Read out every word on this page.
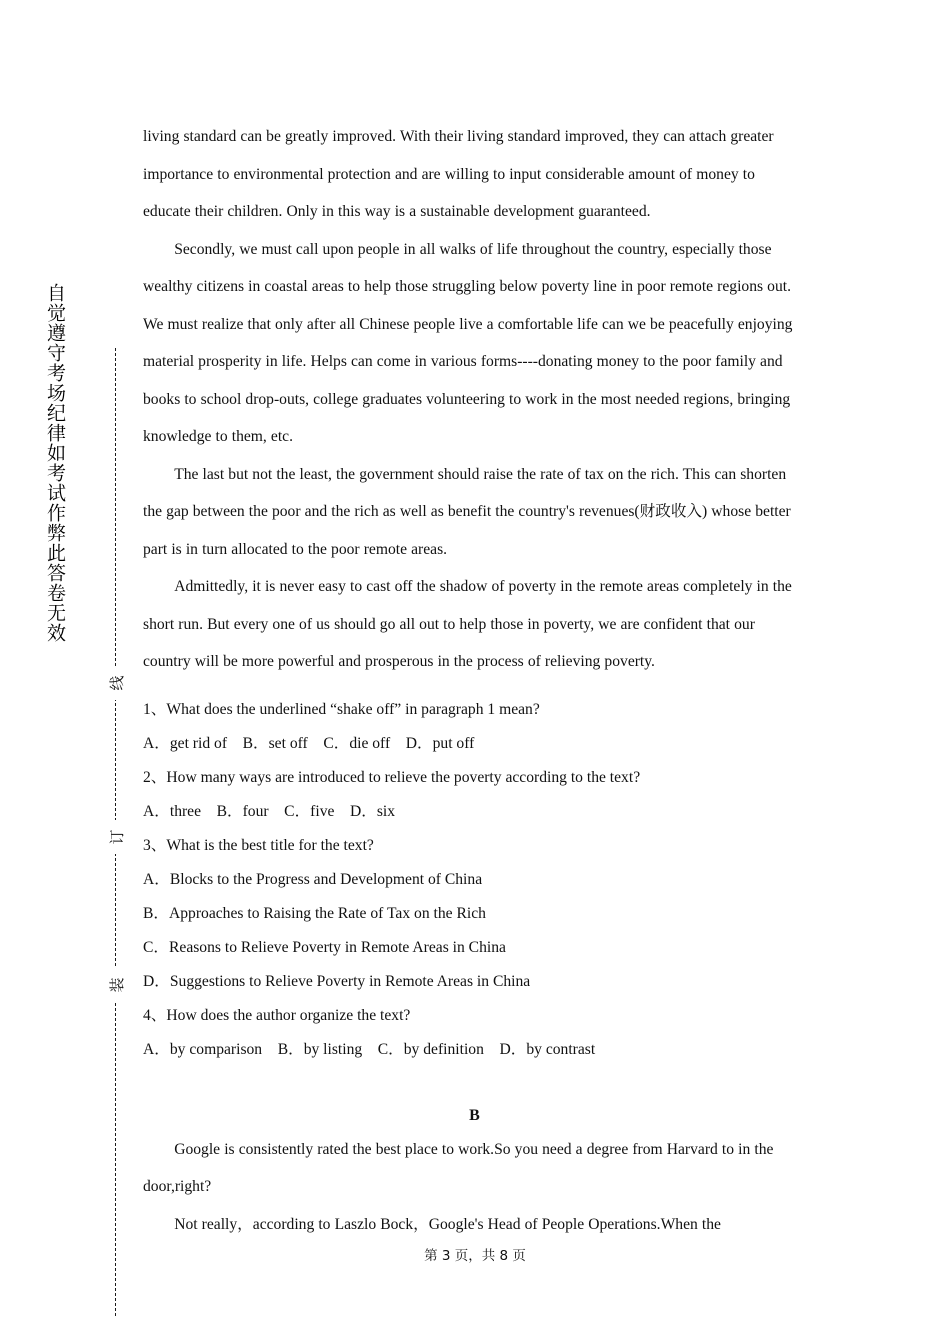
自觉遵守考场纪律如考试作弊此答卷无效
线
订
装

living standard can be greatly improved. With their living standard improved, they can attach greater importance to environmental protection and are willing to input considerable amount of money to educate their children. Only in this way is a sustainable development guaranteed.

Secondly, we must call upon people in all walks of life throughout the country, especially those wealthy citizens in coastal areas to help those struggling below poverty line in poor remote regions out. We must realize that only after all Chinese people live a comfortable life can we be peacefully enjoying material prosperity in life. Helps can come in various forms----donating money to the poor family and books to school drop-outs, college graduates volunteering to work in the most needed regions, bringing knowledge to them, etc.

The last but not the least, the government should raise the rate of tax on the rich. This can shorten the gap between the poor and the rich as well as benefit the country's revenues(财政收入) whose better part is in turn allocated to the poor remote areas.

Admittedly, it is never easy to cast off the shadow of poverty in the remote areas completely in the short run. But every one of us should go all out to help those in poverty, we are confident that our country will be more powerful and prosperous in the process of relieving poverty.

1、What does the underlined “shake off” in paragraph 1 mean?

A．get rid of　B．set off　C．die off　D．put off

2、How many ways are introduced to relieve the poverty according to the text?

A．three　B．four　C．five　D．six

3、What is the best title for the text?

A．Blocks to the Progress and Development of China

B．Approaches to Raising the Rate of Tax on the Rich

C．Reasons to Relieve Poverty in Remote Areas in China

D．Suggestions to Relieve Poverty in Remote Areas in China

4、How does the author organize the text?

A．by comparison　B．by listing　C．by definition　D．by contrast

B

Google is consistently rated the best place to work.So you need a degree from Harvard to in the door,right?

Not really，according to Laszlo Bock，Google's Head of People Operations.When the

第 3 页，共 8 页
